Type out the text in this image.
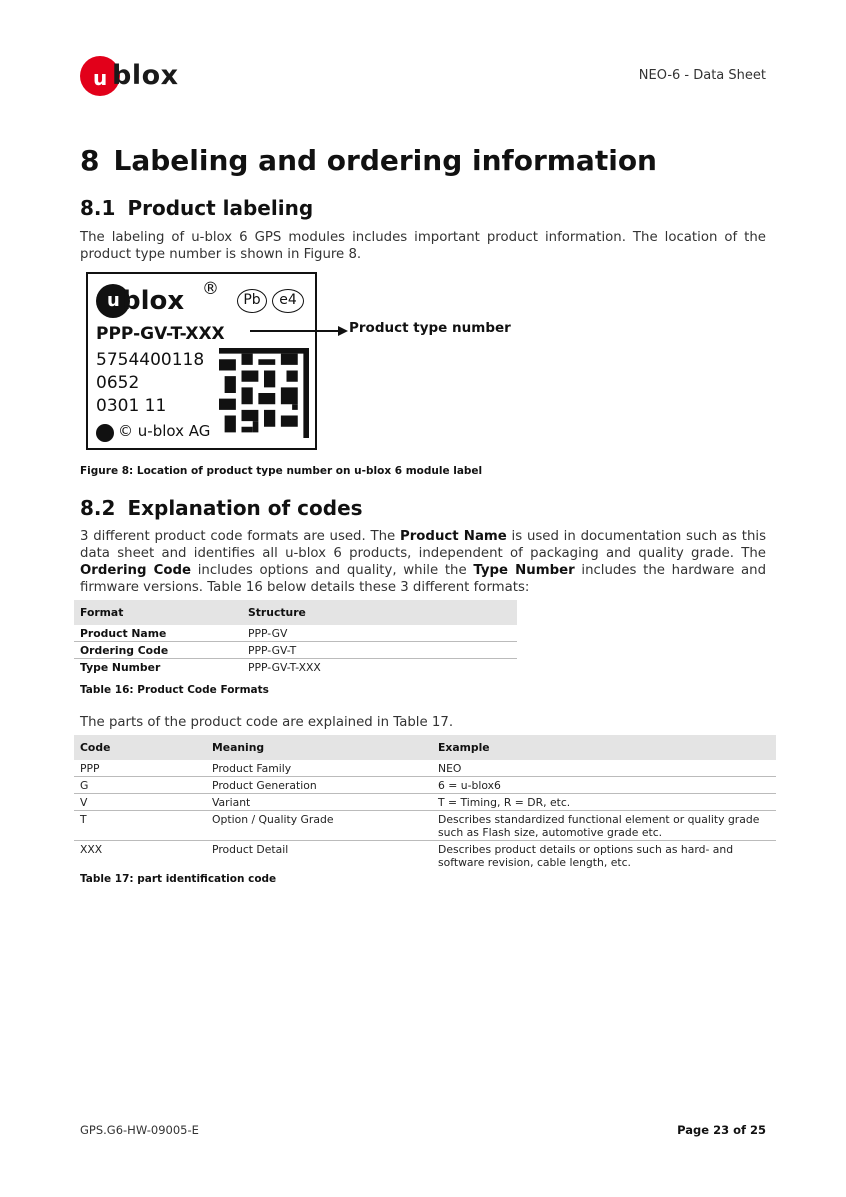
u blox	NEO-6 - Data Sheet
8 Labeling and ordering information
8.1 Product labeling
The labeling of u-blox 6 GPS modules includes important product information. The location of the product type number is shown in Figure 8.
u blox ®
Pb	e4
PPP-GV-T-XXX
5754400118
0652
0301 11
© u-blox AG
Product type number
Figure 8: Location of product type number on u-blox 6 module label
8.2 Explanation of codes
3 different product code formats are used. The Product Name is used in documentation such as this data sheet and identifies all u-blox 6 products, independent of packaging and quality grade. The Ordering Code includes options and quality, while the Type Number includes the hardware and firmware versions. Table 16 below details these 3 different formats:
Format	Structure
Product Name	PPP-GV
Ordering Code	PPP-GV-T
Type Number	PPP-GV-T-XXX
Table 16: Product Code Formats
The parts of the product code are explained in Table 17.
Code	Meaning	Example
PPP	Product Family	NEO
G	Product Generation	6 = u-blox6
V	Variant	T = Timing, R = DR, etc.
T	Option / Quality Grade	Describes standardized functional element or quality grade such as Flash size, automotive grade etc.
XXX	Product Detail	Describes product details or options such as hard- and software revision, cable length, etc.
Table 17: part identification code
GPS.G6-HW-09005-E	Page 23 of 25
